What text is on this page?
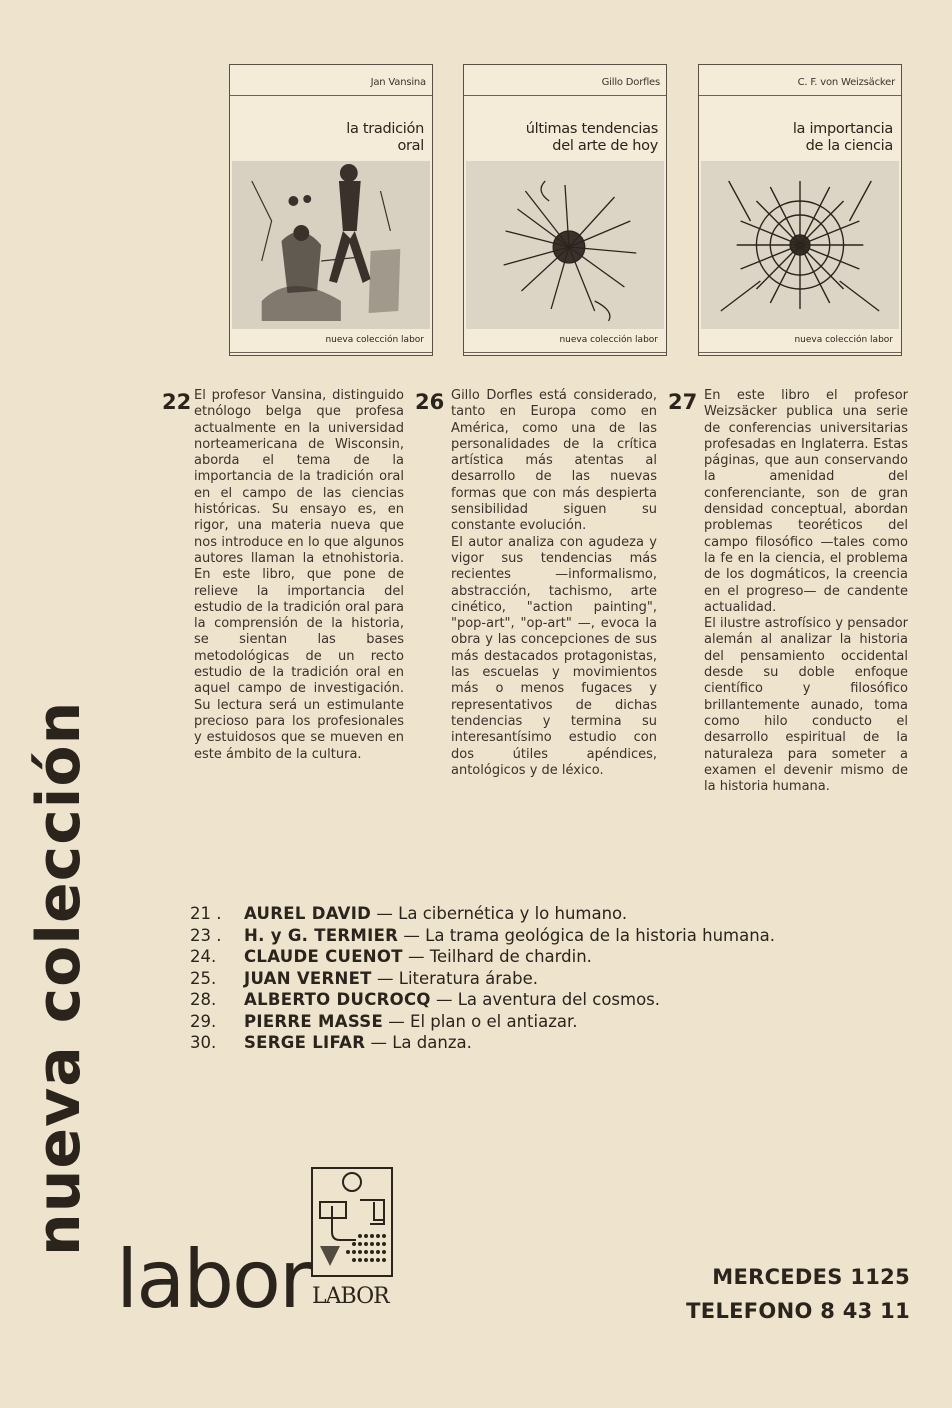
Jan Vansina
la tradición
oral
nueva colección labor
Gillo Dorfles
últimas tendencias
del arte de hoy
nueva colección labor
C. F. von Weizsäcker
la importancia
de la ciencia
nueva colección labor
22 El profesor Vansina, distinguido etnólogo belga que profesa actualmente en la universidad norteamericana de Wisconsin, aborda el tema de la importancia de la tradición oral en el campo de las ciencias históricas. Su ensayo es, en rigor, una materia nueva que nos introduce en lo que algunos autores llaman la etnohistoria. En este libro, que pone de relieve la importancia del estudio de la tradición oral para la comprensión de la historia, se sientan las bases metodológicas de un recto estudio de la tradición oral en aquel campo de investigación. Su lectura será un estimulante precioso para los profesionales y estuidosos que se mueven en este ámbito de la cultura.
26 Gillo Dorfles está considerado, tanto en Europa como en América, como una de las personalidades de la crítica artística más atentas al desarrollo de las nuevas formas que con más despierta sensibilidad siguen su constante evolución.
El autor analiza con agudeza y vigor sus tendencias más recientes —informalismo, abstracción, tachismo, arte cinético, "action painting", "pop-art", "op-art" —, evoca la obra y las concepciones de sus más destacados protagonistas, las escuelas y movimientos más o menos fugaces y representativos de dichas tendencias y termina su interesantísimo estudio con dos útiles apéndices, antológicos y de léxico.
27 En este libro el profesor Weizsäcker publica una serie de conferencias universitarias profesadas en Inglaterra. Estas páginas, que aun conservando la amenidad del conferenciante, son de gran densidad conceptual, abordan problemas teoréticos del campo filosófico —tales como la fe en la ciencia, el problema de los dogmáticos, la creencia en el progreso— de candente actualidad.
El ilustre astrofísico y pensador alemán al analizar la historia del pensamiento occidental desde su doble enfoque científico y filosófico brillantemente aunado, toma como hilo conducto el desarrollo espiritual de la naturaleza para someter a examen el devenir mismo de la historia humana.
21 . AUREL DAVID — La cibernética y lo humano.
23 . H. y G. TERMIER — La trama geológica de la historia humana.
24. CLAUDE CUENOT — Teilhard de chardin.
25. JUAN VERNET — Literatura árabe.
28. ALBERTO DUCROCQ — La aventura del cosmos.
29. PIERRE MASSE — El plan o el antiazar.
30. SERGE LIFAR — La danza.
nueva colección
labor LABOR
MERCEDES 1125
TELEFONO 8 43 11
